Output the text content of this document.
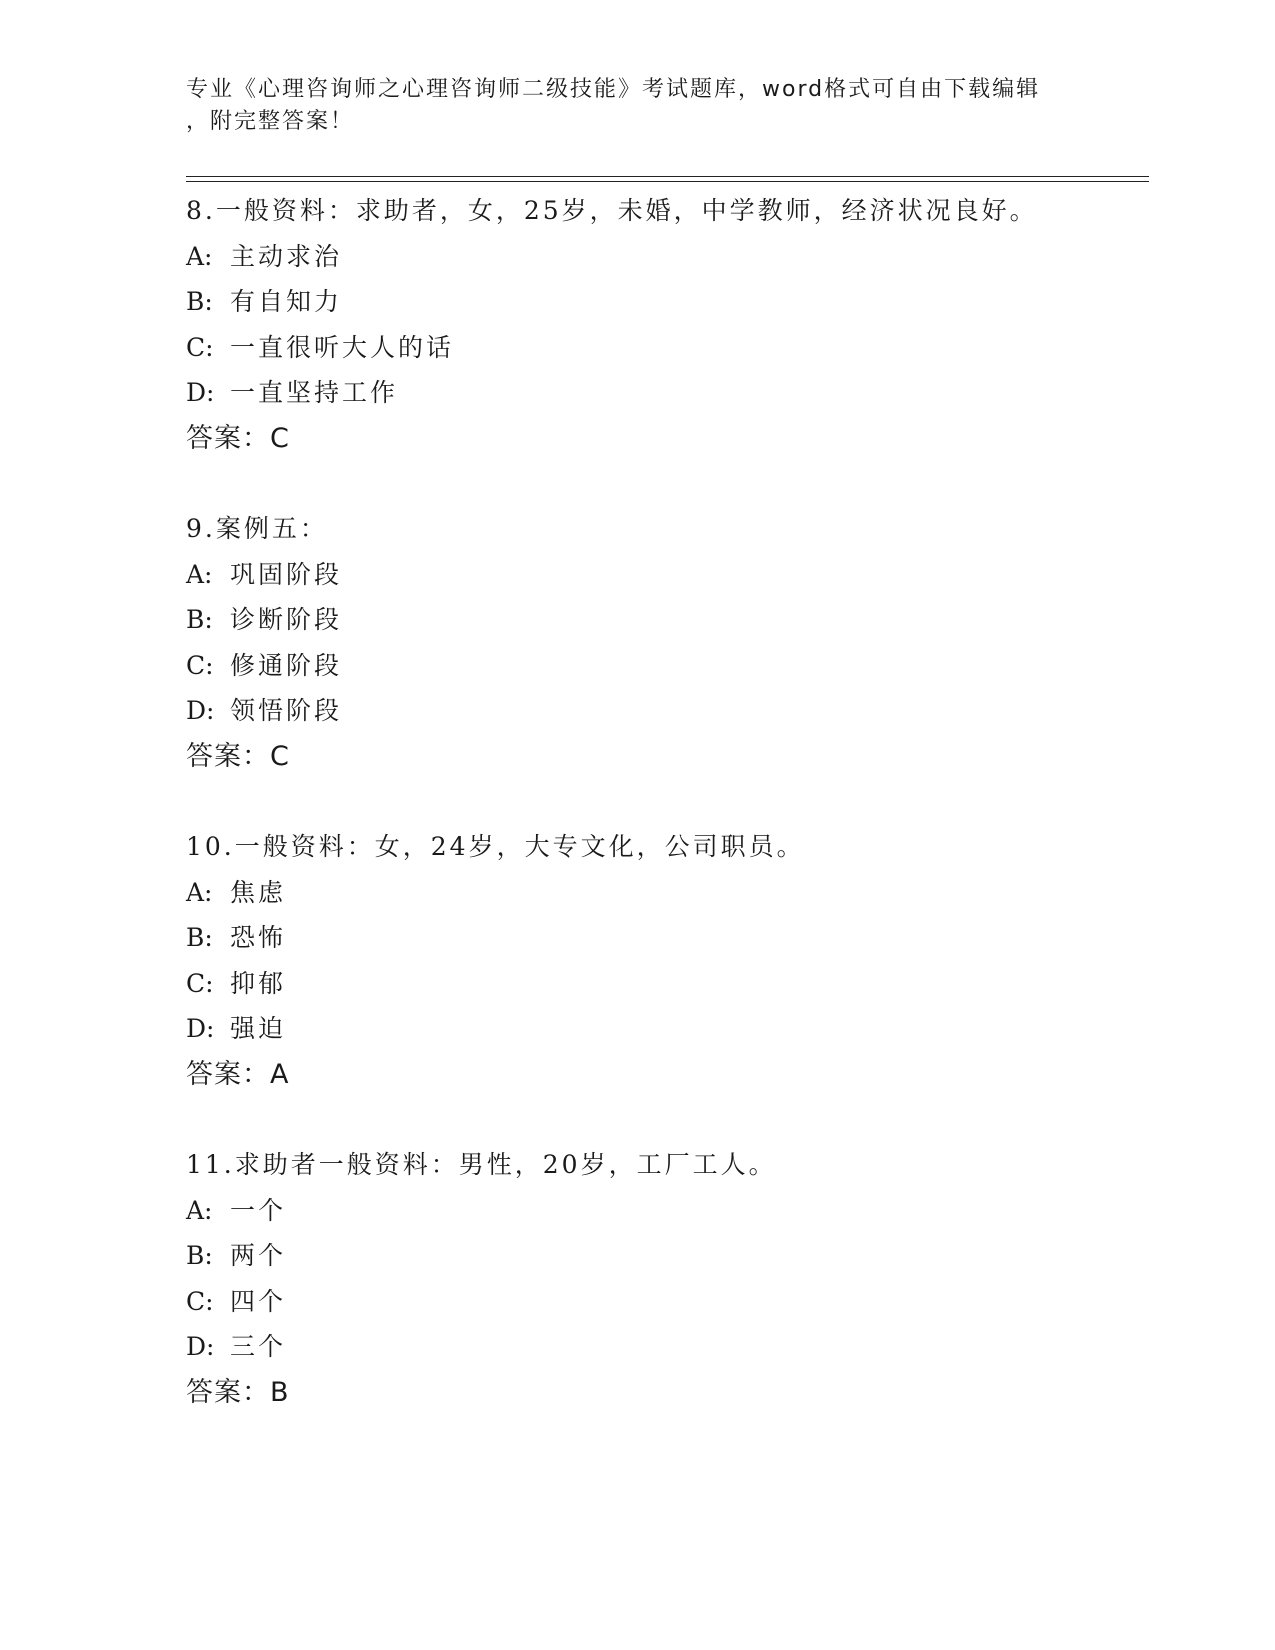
专业《心理咨询师之心理咨询师二级技能》考试题库，word格式可自由下载编辑
，附完整答案！
8.一般资料：求助者，女，25岁，未婚，中学教师，经济状况良好。
A: 主动求治
B: 有自知力
C: 一直很听大人的话
D: 一直坚持工作
答案：C
9.案例五：
A: 巩固阶段
B: 诊断阶段
C: 修通阶段
D: 领悟阶段
答案：C
10.一般资料：女，24岁，大专文化，公司职员。
A: 焦虑
B: 恐怖
C: 抑郁
D: 强迫
答案：A
11.求助者一般资料：男性，20岁，工厂工人。
A: 一个
B: 两个
C: 四个
D: 三个
答案：B
